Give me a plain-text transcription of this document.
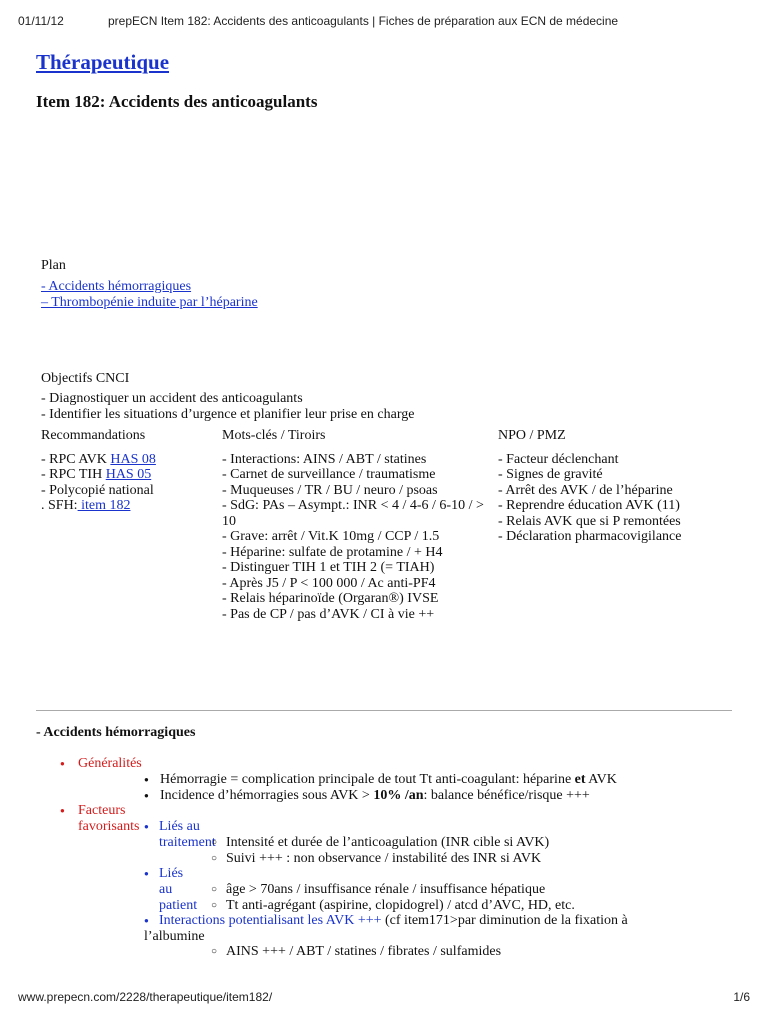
01/11/12	prepECN Item 182: Accidents des anticoagulants | Fiches de préparation aux ECN de médecine
Thérapeutique
Item 182: Accidents des anticoagulants
Plan
- Accidents hémorragiques
– Thrombopénie induite par l’héparine
Objectifs CNCI
- Diagnostiquer un accident des anticoagulants
- Identifier les situations d’urgence et planifier leur prise en charge
Recommandations
- RPC AVK HAS 08
- RPC TIH HAS 05
- Polycopié national
. SFH: item 182
Mots-clés / Tiroirs
- Interactions: AINS / ABT / statines
- Carnet de surveillance / traumatisme
- Muqueuses / TR / BU / neuro / psoas
- SdG: PAs – Asympt.: INR < 4 / 4-6 / 6-10 / > 10
- Grave: arrêt / Vit.K 10mg / CCP / 1.5
- Héparine: sulfate de protamine / + H4
- Distinguer TIH 1 et TIH 2 (= TIAH)
- Après J5 / P < 100 000 / Ac anti-PF4
- Relais héparinoïde (Orgaran®) IVSE
- Pas de CP / pas d’AVK / CI à vie ++
NPO / PMZ
- Facteur déclenchant
- Signes de gravité
- Arrêt des AVK / de l’héparine
- Reprendre éducation AVK (11)
- Relais AVK que si P remontées
- Déclaration pharmacovigilance
- Accidents hémorragiques
● Généralités
● Hémorragie = complication principale de tout Tt anti-coagulant: héparine et AVK
● Incidence d’hémorragies sous AVK > 10% /an: balance bénéfice/risque +++
● Facteurs favorisants ● Liés au traitement ○ Intensité et durée de l’anticoagulation (INR cible si AVK)
○ Suivi +++ : non observance / instabilité des INR si AVK
● Liés au patient
○ âge > 70ans / insuffisance rénale / insuffisance hépatique
○ Tt anti-agrégant (aspirine, clopidogrel) / atcd d’AVC, HD, etc.
● Interactions potentialisant les AVK +++ (cf item171>par diminution de la fixation à
l’albumine
○ AINS +++ / ABT / statines / fibrates / sulfamides
www.prepecn.com/2228/therapeutique/item182/	1/6
